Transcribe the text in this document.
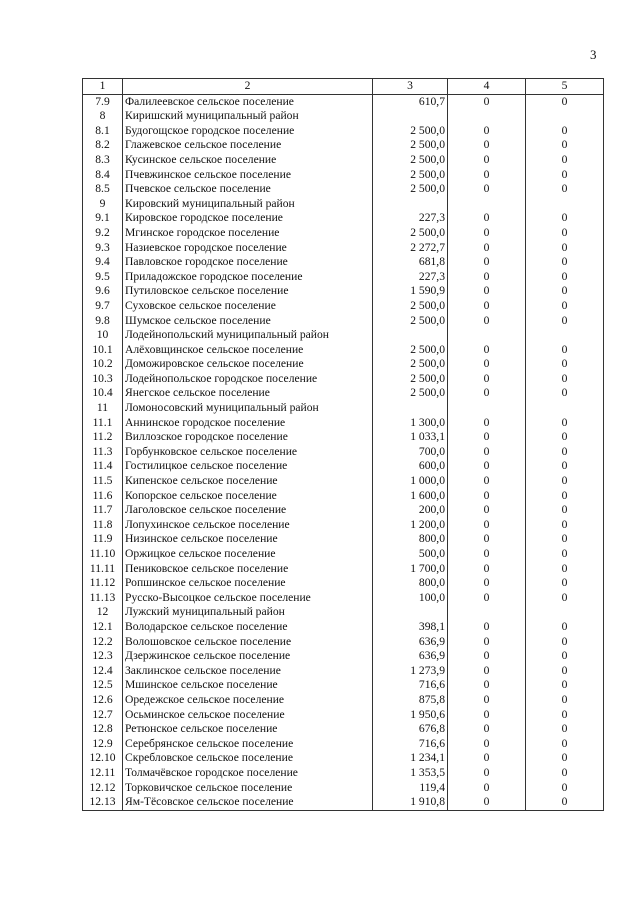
3
1	2	3	4	5
7.9	Фалилеевское сельское поселение	610,7	0	0
8	Киришский муниципальный район			
8.1	Будогощское городское поселение	2 500,0	0	0
8.2	Глажевское сельское поселение	2 500,0	0	0
8.3	Кусинское сельское поселение	2 500,0	0	0
8.4	Пчевжинское сельское поселение	2 500,0	0	0
8.5	Пчевское сельское поселение	2 500,0	0	0
9	Кировский муниципальный район			
9.1	Кировское городское поселение	227,3	0	0
9.2	Мгинское городское поселение	2 500,0	0	0
9.3	Назиевское городское поселение	2 272,7	0	0
9.4	Павловское городское поселение	681,8	0	0
9.5	Приладожское городское поселение	227,3	0	0
9.6	Путиловское сельское поселение	1 590,9	0	0
9.7	Суховское сельское поселение	2 500,0	0	0
9.8	Шумское сельское поселение	2 500,0	0	0
10	Лодейнопольский муниципальный район			
10.1	Алёховщинское сельское поселение	2 500,0	0	0
10.2	Доможировское сельское поселение	2 500,0	0	0
10.3	Лодейнопольское городское поселение	2 500,0	0	0
10.4	Янегское сельское поселение	2 500,0	0	0
11	Ломоносовский муниципальный район			
11.1	Аннинское городское поселение	1 300,0	0	0
11.2	Виллозское городское поселение	1 033,1	0	0
11.3	Горбунковское сельское поселение	700,0	0	0
11.4	Гостилицкое сельское поселение	600,0	0	0
11.5	Кипенское сельское поселение	1 000,0	0	0
11.6	Копорское сельское поселение	1 600,0	0	0
11.7	Лаголовское сельское поселение	200,0	0	0
11.8	Лопухинское сельское поселение	1 200,0	0	0
11.9	Низинское сельское поселение	800,0	0	0
11.10	Оржицкое сельское поселение	500,0	0	0
11.11	Пениковское сельское поселение	1 700,0	0	0
11.12	Ропшинское сельское поселение	800,0	0	0
11.13	Русско-Высоцкое сельское поселение	100,0	0	0
12	Лужский муниципальный район			
12.1	Володарское сельское поселение	398,1	0	0
12.2	Волошовское сельское поселение	636,9	0	0
12.3	Дзержинское сельское поселение	636,9	0	0
12.4	Заклинское сельское поселение	1 273,9	0	0
12.5	Мшинское сельское поселение	716,6	0	0
12.6	Оредежское сельское поселение	875,8	0	0
12.7	Осьминское сельское поселение	1 950,6	0	0
12.8	Ретюнское сельское поселение	676,8	0	0
12.9	Серебрянское сельское поселение	716,6	0	0
12.10	Скребловское сельское поселение	1 234,1	0	0
12.11	Толмачёвское городское поселение	1 353,5	0	0
12.12	Торковичское сельское поселение	119,4	0	0
12.13	Ям-Тёсовское сельское поселение	1 910,8	0	0
